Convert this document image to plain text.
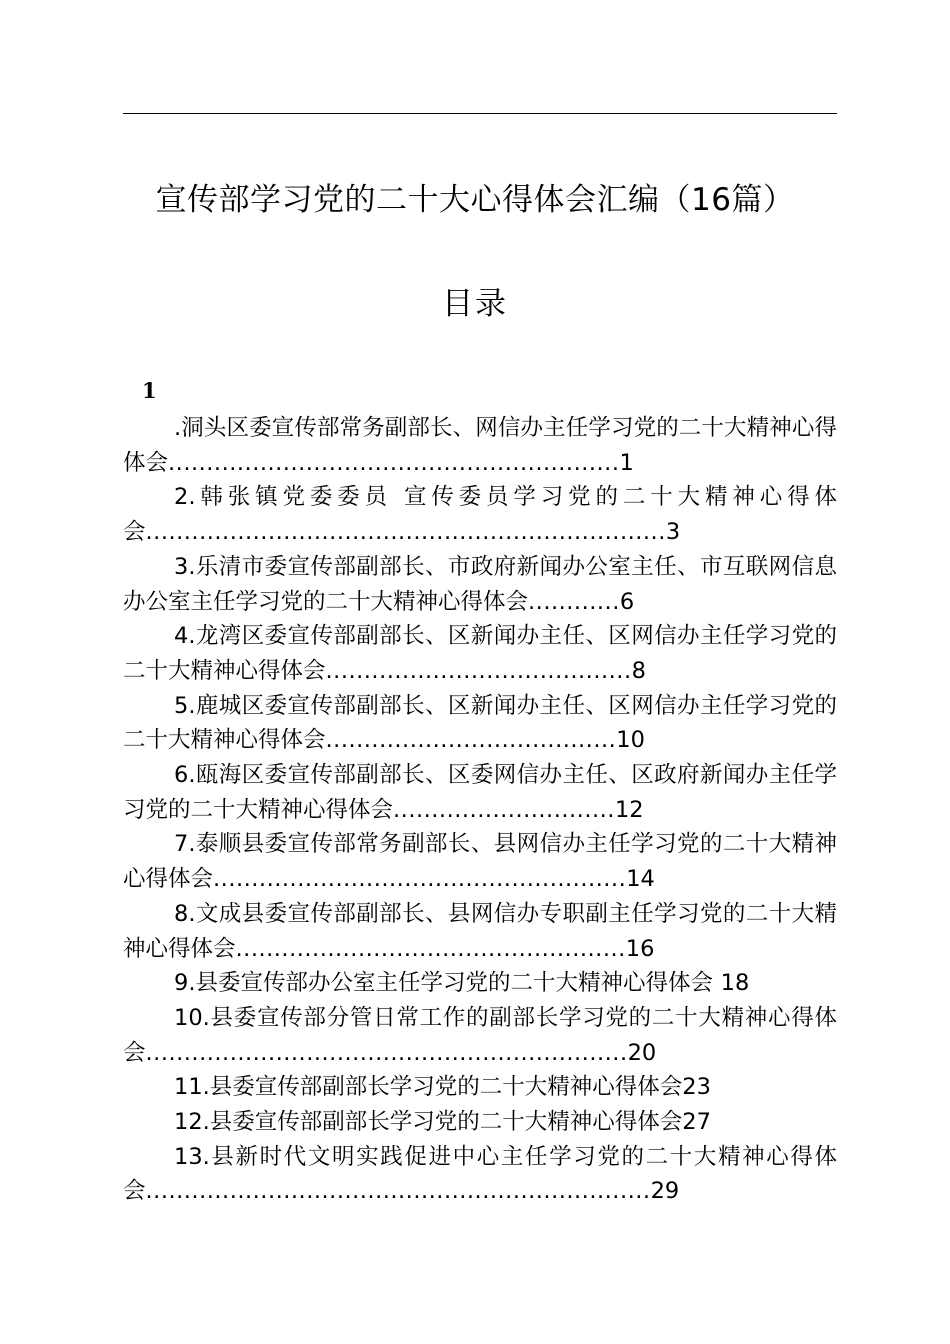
宣传部学习党的二十大心得体会汇编（16篇）
目录
1
.洞头区委宣传部常务副部长、网信办主任学习党的二十大精神心得体会...........................................................1
2.韩张镇党委委员 宣传委员学习党的二十大精神心得体会....................................................................3
3.乐清市委宣传部副部长、市政府新闻办公室主任、市互联网信息办公室主任学习党的二十大精神心得体会............6
4.龙湾区委宣传部副部长、区新闻办主任、区网信办主任学习党的二十大精神心得体会........................................8
5.鹿城区委宣传部副部长、区新闻办主任、区网信办主任学习党的二十大精神心得体会......................................10
6.瓯海区委宣传部副部长、区委网信办主任、区政府新闻办主任学习党的二十大精神心得体会.............................12
7.泰顺县委宣传部常务副部长、县网信办主任学习党的二十大精神心得体会......................................................14
8.文成县委宣传部副部长、县网信办专职副主任学习党的二十大精神心得体会...................................................16
9.县委宣传部办公室主任学习党的二十大精神心得体会 18
10.县委宣传部分管日常工作的副部长学习党的二十大精神心得体会...............................................................20
11.县委宣传部副部长学习党的二十大精神心得体会23
12.县委宣传部副部长学习党的二十大精神心得体会27
13.县新时代文明实践促进中心主任学习党的二十大精神心得体会..................................................................29
